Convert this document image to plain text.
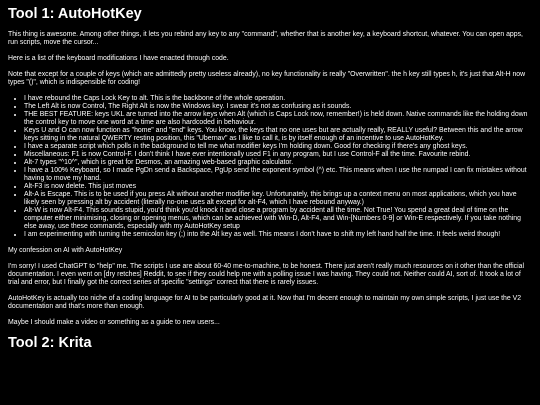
Tool 1: AutoHotKey

This thing is awesome. Among other things, it lets you rebind any key to any "command", whether that is another key, a keyboard shortcut, whatever. You can open apps, run scripts, move the cursor...

Here is a list of the keyboard modifications I have enacted through code.

Note that except for a couple of keys (which are admittedly pretty useless already), no key functionality is really "Overwritten". the h key still types h, it's just that Alt-H now types "()", which is indispensible for coding!

• I have rebound the Caps Lock Key to alt. This is the backbone of the whole operation.
• The Left Alt is now Control, The Right Alt is now the Windows key. I swear it's not as confusing as it sounds.
• THE BEST FEATURE: keys UKL are turned into the arrow keys when Alt (which is Caps Lock now, remember!) is held down. Native commands like the holding down the control key to move one word at a time are also hardcoded in behaviour.
• Keys U and O can now function as "home" and "end" keys. You know, the keys that no one uses but are actually really, REALLY useful? Between this and the arrow keys sitting in the natural QWERTY resting position, this "Ubernav" as I like to call it, is by itself enough of an incentive to use AutoHotKey.
• I have a separate script which polls in the background to tell me what modifier keys I'm holding down. Good for checking if there's any ghost keys.
• Miscellaneous: F1 is now Control-F. I don't think I have ever intentionally used F1 in any program, but I use Control-F all the time. Favourite rebind.
• Alt-7 types "^10^", which is great for Desmos, an amazing web-based graphic calculator.
• I have a 100% Keyboard, so I made PgDn send a Backspace, PgUp send the exponent symbol (^) etc. This means when I use the numpad I can fix mistakes without having to move my hand.
• Alt-F3 is now delete. This just moves
• Alt-A is Escape. This is to be used if you press Alt without another modifier key. Unfortunately, this brings up a context menu on most applications, which you have likely seen by pressing alt by accident (literally no-one uses alt except for alt-F4, which I have rebound anyway.)
• Alt-W is now Alt-F4. This sounds stupid, you'd think you'd knock it and close a program by accident all the time. Not True! You spend a great deal of time on the computer either minimising, closing or opening menus, which can be achieved with Win-D, Alt-F4, and Win-[Numbers 0-9] or Win-E respectively. If you take nothing else away, use these commands, especially with my AutoHotKey setup
• I am experimenting with turning the semicolon key (;) into the Alt key as well. This means I don't have to shift my left hand half the time. It feels weird though!

My confession on AI with AutoHotKey

I'm sorry! I used ChatGPT to "help" me. The scripts I use are about 60-40 me-to-machine, to be honest. There just aren't really much resources on it other than the official documentation. I even went on [dry retches] Reddit, to see if they could help me with a polling issue I was having. They could not. Neither could AI, sort of. It took a lot of trial and error, but I finally got the correct series of specific "settings" correct that there is rarely issues.

AutoHotKey is actually too niche of a coding language for AI to be particularly good at it. Now that I'm decent enough to maintain my own simple scripts, I just use the V2 documentation and that's more than enough.

Maybe I should make a video or something as a guide to new users...

Tool 2: Krita
